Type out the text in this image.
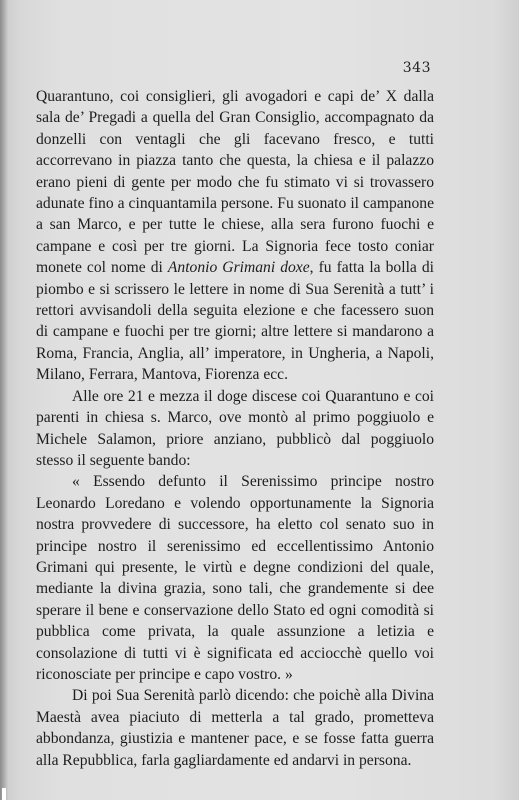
343

Quarantuno, coi consiglieri, gli avogadori e capi de’ X dalla sala de’ Pregadi a quella del Gran Consiglio, accompagnato da donzelli con ventagli che gli facevano fresco, e tutti accorrevano in piazza tanto che questa, la chiesa e il palazzo erano pieni di gente per modo che fu stimato vi si trovassero adunate fino a cinquantamila persone. Fu suonato il campanone a san Marco, e per tutte le chiese, alla sera furono fuochi e campane e così per tre giorni. La Signoria fece tosto coniar monete col nome di Antonio Grimani doxe, fu fatta la bolla di piombo e si scrissero le lettere in nome di Sua Serenità a tutt’ i rettori avvisandoli della seguita elezione e che facessero suon di campane e fuochi per tre giorni; altre lettere si mandarono a Roma, Francia, Anglia, all’ imperatore, in Ungheria, a Napoli, Milano, Ferrara, Mantova, Fiorenza ecc.

Alle ore 21 e mezza il doge discese coi Quarantuno e coi parenti in chiesa s. Marco, ove montò al primo poggiuolo e Michele Salamon, priore anziano, pubblicò dal poggiuolo stesso il seguente bando:

« Essendo defunto il Serenissimo principe nostro Leonardo Loredano e volendo opportunamente la Signoria nostra provvedere di successore, ha eletto col senato suo in principe nostro il serenissimo ed eccellentissimo Antonio Grimani qui presente, le virtù e degne condizioni del quale, mediante la divina grazia, sono tali, che grandemente si dee sperare il bene e conservazione dello Stato ed ogni comodità si pubblica come privata, la quale assunzione a letizia e consolazione di tutti vi è significata ed acciocchè quello voi riconosciate per principe e capo vostro. »

Di poi Sua Serenità parlò dicendo: che poichè alla Divina Maestà avea piaciuto di metterla a tal grado, prometteva abbondanza, giustizia e mantener pace, e se fosse fatta guerra alla Repubblica, farla gagliardamente ed andarvi in persona.
